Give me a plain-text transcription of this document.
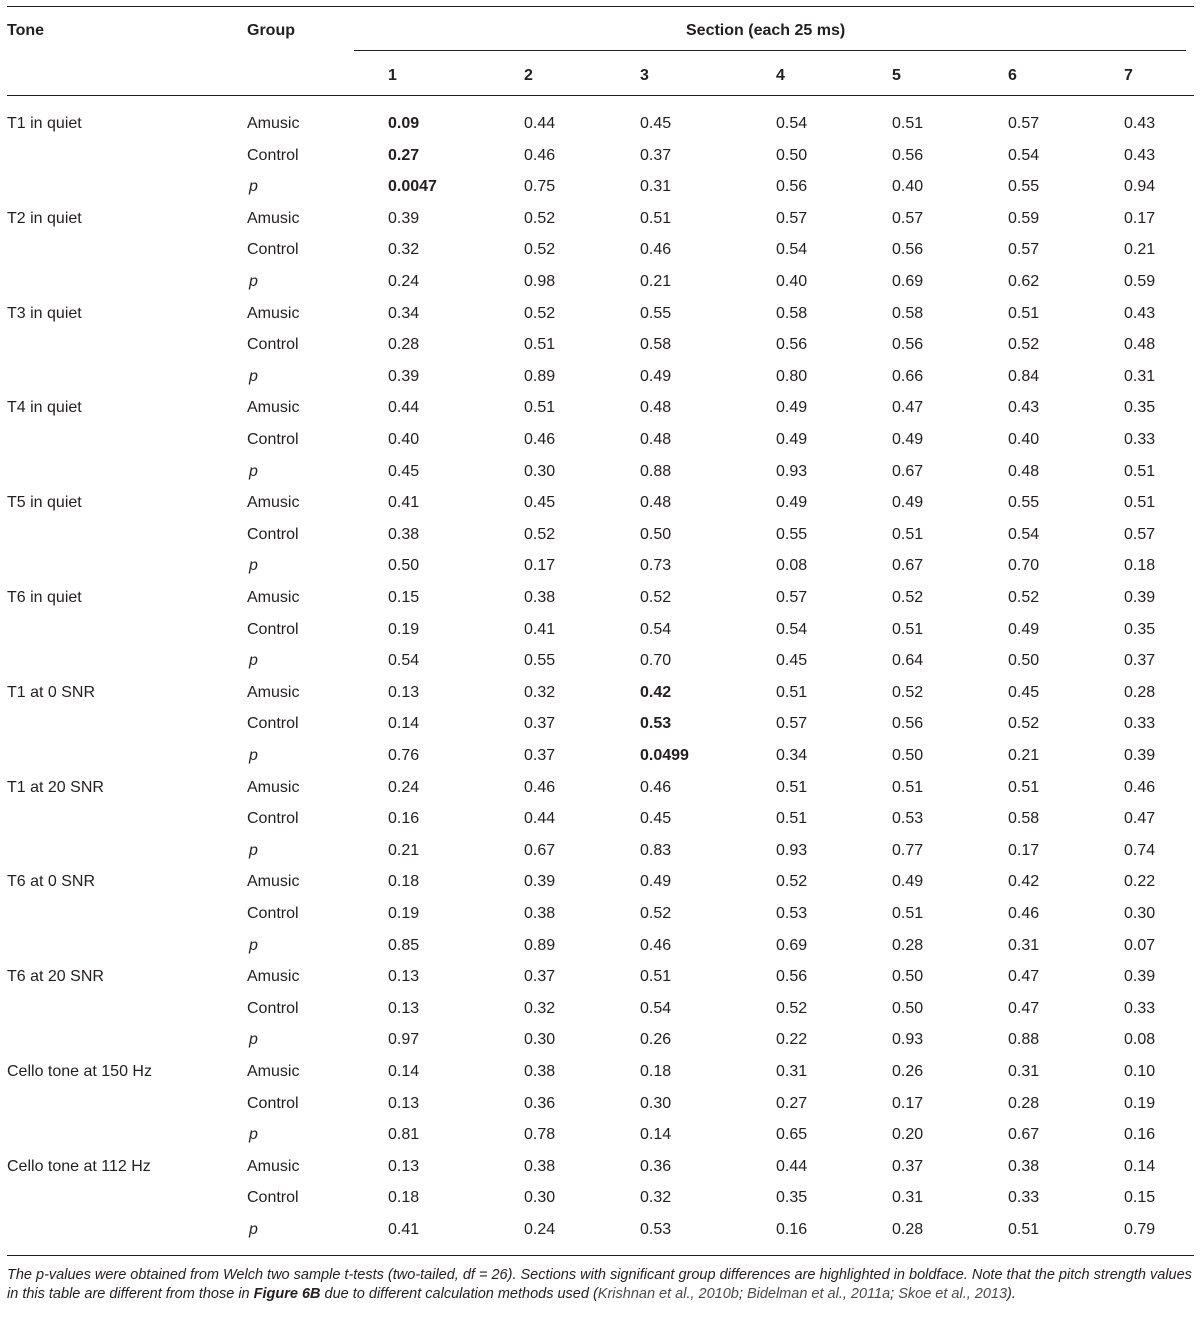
Tone	Group	Section (each 25 ms)
1	2	3	4	5	6	7
T1 in quiet	Amusic	0.09	0.44	0.45	0.54	0.51	0.57	0.43
Control	0.27	0.46	0.37	0.50	0.56	0.54	0.43
p	0.0047	0.75	0.31	0.56	0.40	0.55	0.94
T2 in quiet	Amusic	0.39	0.52	0.51	0.57	0.57	0.59	0.17
Control	0.32	0.52	0.46	0.54	0.56	0.57	0.21
p	0.24	0.98	0.21	0.40	0.69	0.62	0.59
T3 in quiet	Amusic	0.34	0.52	0.55	0.58	0.58	0.51	0.43
Control	0.28	0.51	0.58	0.56	0.56	0.52	0.48
p	0.39	0.89	0.49	0.80	0.66	0.84	0.31
T4 in quiet	Amusic	0.44	0.51	0.48	0.49	0.47	0.43	0.35
Control	0.40	0.46	0.48	0.49	0.49	0.40	0.33
p	0.45	0.30	0.88	0.93	0.67	0.48	0.51
T5 in quiet	Amusic	0.41	0.45	0.48	0.49	0.49	0.55	0.51
Control	0.38	0.52	0.50	0.55	0.51	0.54	0.57
p	0.50	0.17	0.73	0.08	0.67	0.70	0.18
T6 in quiet	Amusic	0.15	0.38	0.52	0.57	0.52	0.52	0.39
Control	0.19	0.41	0.54	0.54	0.51	0.49	0.35
p	0.54	0.55	0.70	0.45	0.64	0.50	0.37
T1 at 0 SNR	Amusic	0.13	0.32	0.42	0.51	0.52	0.45	0.28
Control	0.14	0.37	0.53	0.57	0.56	0.52	0.33
p	0.76	0.37	0.0499	0.34	0.50	0.21	0.39
T1 at 20 SNR	Amusic	0.24	0.46	0.46	0.51	0.51	0.51	0.46
Control	0.16	0.44	0.45	0.51	0.53	0.58	0.47
p	0.21	0.67	0.83	0.93	0.77	0.17	0.74
T6 at 0 SNR	Amusic	0.18	0.39	0.49	0.52	0.49	0.42	0.22
Control	0.19	0.38	0.52	0.53	0.51	0.46	0.30
p	0.85	0.89	0.46	0.69	0.28	0.31	0.07
T6 at 20 SNR	Amusic	0.13	0.37	0.51	0.56	0.50	0.47	0.39
Control	0.13	0.32	0.54	0.52	0.50	0.47	0.33
p	0.97	0.30	0.26	0.22	0.93	0.88	0.08
Cello tone at 150 Hz	Amusic	0.14	0.38	0.18	0.31	0.26	0.31	0.10
Control	0.13	0.36	0.30	0.27	0.17	0.28	0.19
p	0.81	0.78	0.14	0.65	0.20	0.67	0.16
Cello tone at 112 Hz	Amusic	0.13	0.38	0.36	0.44	0.37	0.38	0.14
Control	0.18	0.30	0.32	0.35	0.31	0.33	0.15
p	0.41	0.24	0.53	0.16	0.28	0.51	0.79
The p-values were obtained from Welch two sample t-tests (two-tailed, df = 26). Sections with significant group differences are highlighted in boldface. Note that the pitch strength values in this table are different from those in Figure 6B due to different calculation methods used (Krishnan et al., 2010b; Bidelman et al., 2011a; Skoe et al., 2013).
